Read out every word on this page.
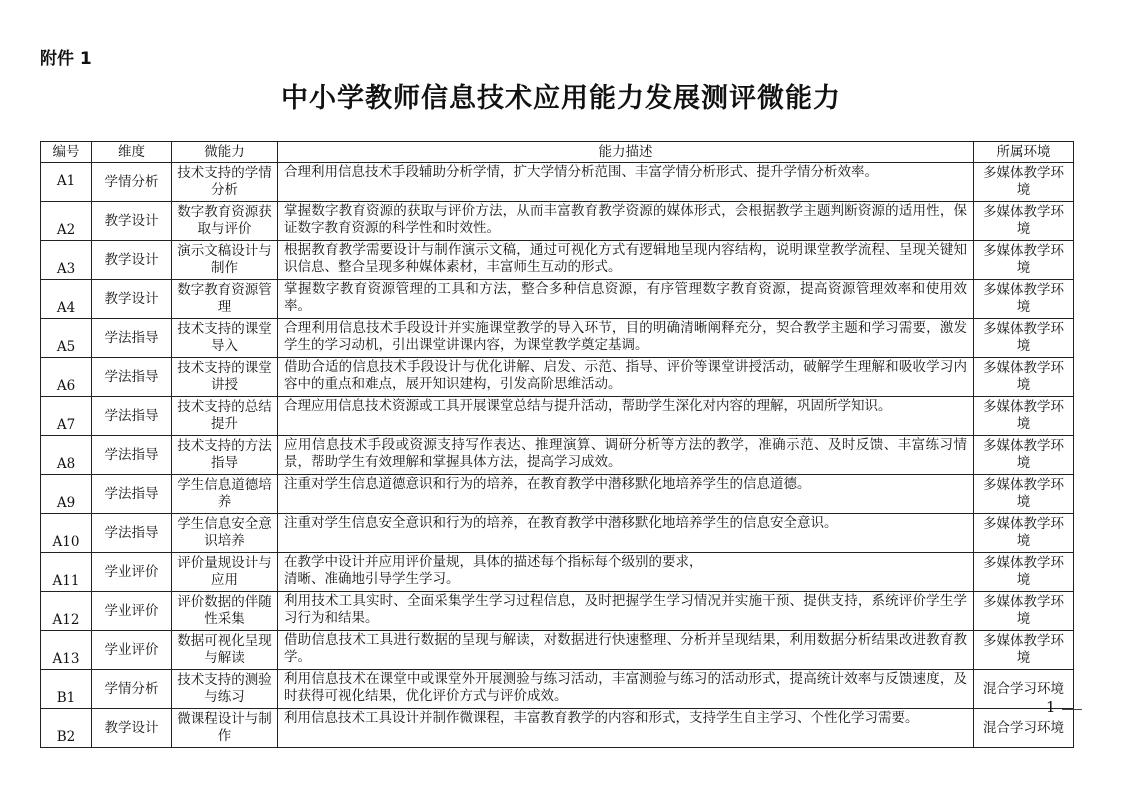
附件 1
中小学教师信息技术应用能力发展测评微能力
编号	维度	微能力	能力描述	所属环境
A1	学情分析	技术支持的学情分析	合理利用信息技术手段辅助分析学情，扩大学情分析范围、丰富学情分析形式、提升学情分析效率。	多媒体教学环境
A2	教学设计	数字教育资源获取与评价	掌握数字教育资源的获取与评价方法，从而丰富教育教学资源的媒体形式，会根据教学主题判断资源的适用性，保证数字教育资源的科学性和时效性。	多媒体教学环境
A3	教学设计	演示文稿设计与制作	根据教育教学需要设计与制作演示文稿，通过可视化方式有逻辑地呈现内容结构，说明课堂教学流程、呈现关键知识信息、整合呈现多种媒体素材，丰富师生互动的形式。	多媒体教学环境
A4	教学设计	数字教育资源管理	掌握数字教育资源管理的工具和方法，整合多种信息资源，有序管理数字教育资源，提高资源管理效率和使用效率。	多媒体教学环境
A5	学法指导	技术支持的课堂导入	合理利用信息技术手段设计并实施课堂教学的导入环节，目的明确清晰阐释充分，契合教学主题和学习需要，激发学生的学习动机，引出课堂讲课内容，为课堂教学奠定基调。	多媒体教学环境
A6	学法指导	技术支持的课堂讲授	借助合适的信息技术手段设计与优化讲解、启发、示范、指导、评价等课堂讲授活动，破解学生理解和吸收学习内容中的重点和难点，展开知识建构，引发高阶思维活动。	多媒体教学环境
A7	学法指导	技术支持的总结提升	合理应用信息技术资源或工具开展课堂总结与提升活动，帮助学生深化对内容的理解，巩固所学知识。	多媒体教学环境
A8	学法指导	技术支持的方法指导	应用信息技术手段或资源支持写作表达、推理演算、调研分析等方法的教学，准确示范、及时反馈、丰富练习情景，帮助学生有效理解和掌握具体方法，提高学习成效。	多媒体教学环境
A9	学法指导	学生信息道德培养	注重对学生信息道德意识和行为的培养，在教育教学中潜移默化地培养学生的信息道德。	多媒体教学环境
A10	学法指导	学生信息安全意识培养	注重对学生信息安全意识和行为的培养，在教育教学中潜移默化地培养学生的信息安全意识。	多媒体教学环境
A11	学业评价	评价量规设计与应用	在教学中设计并应用评价量规，具体的描述每个指标每个级别的要求，
清晰、准确地引导学生学习。	多媒体教学环境
A12	学业评价	评价数据的伴随性采集	利用技术工具实时、全面采集学生学习过程信息，及时把握学生学习情况并实施干预、提供支持，系统评价学生学习行为和结果。	多媒体教学环境
A13	学业评价	数据可视化呈现与解读	借助信息技术工具进行数据的呈现与解读，对数据进行快速整理、分析并呈现结果，利用数据分析结果改进教育教学。	多媒体教学环境
B1	学情分析	技术支持的测验与练习	利用信息技术在课堂中或课堂外开展测验与练习活动，丰富测验与练习的活动形式，提高统计效率与反馈速度，及时获得可视化结果，优化评价方式与评价成效。	混合学习环境
B2	教学设计	微课程设计与制作	利用信息技术工具设计并制作微课程，丰富教育教学的内容和形式，支持学生自主学习、个性化学习需要。	混合学习环境
1
